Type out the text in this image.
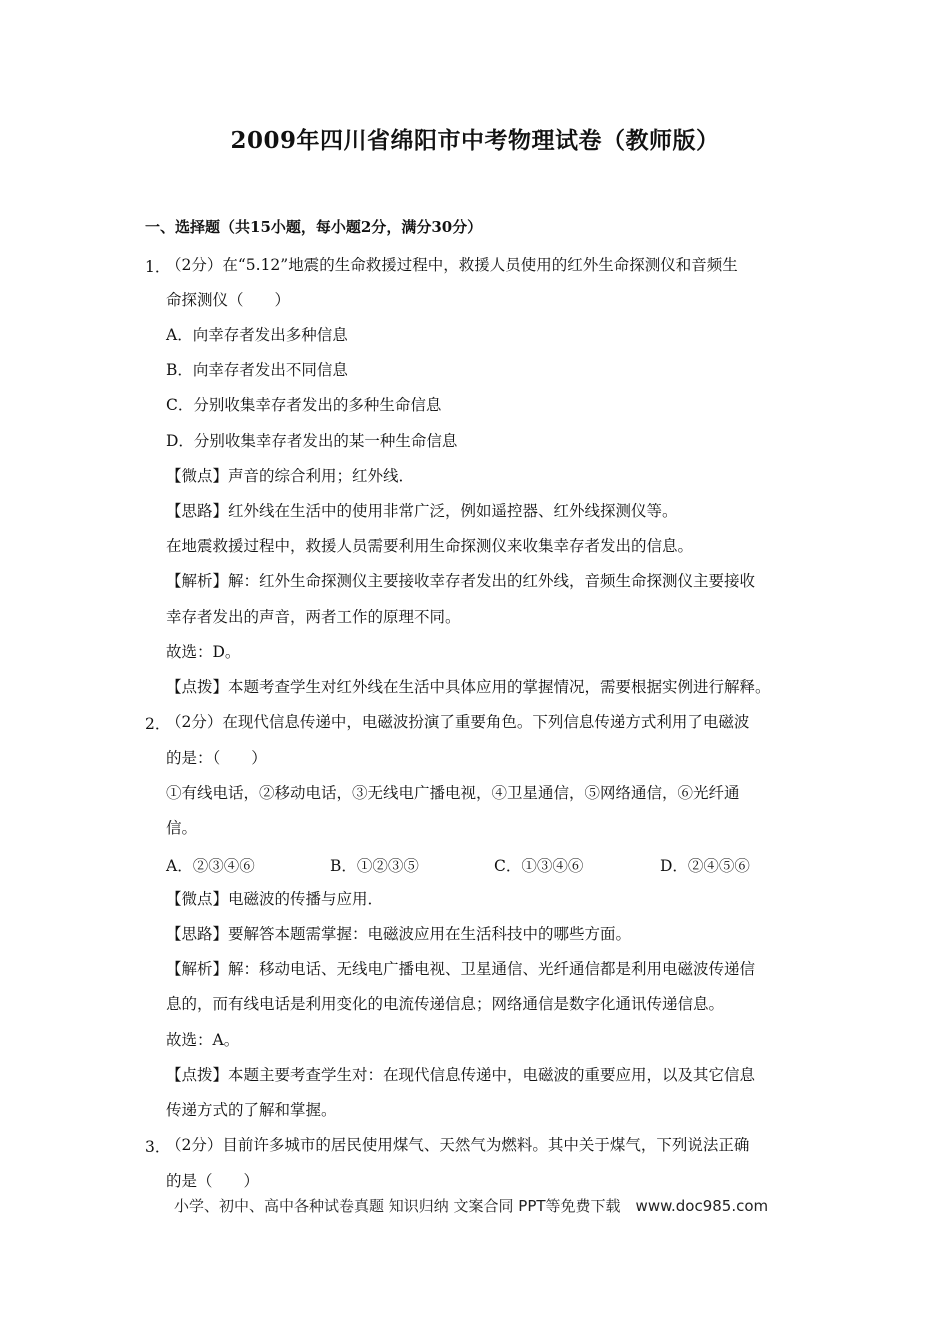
2009年四川省绵阳市中考物理试卷（教师版）
一、选择题（共15小题，每小题2分，满分30分）
1．
（2分）在“5.12”地震的生命救援过程中，救援人员使用的红外生命探测仪和音频生
命探测仪（　　）
A．向幸存者发出多种信息
B．向幸存者发出不同信息
C．分别收集幸存者发出的多种生命信息
D．分别收集幸存者发出的某一种生命信息
【微点】声音的综合利用；红外线．
【思路】红外线在生活中的使用非常广泛，例如遥控器、红外线探测仪等。
在地震救援过程中，救援人员需要利用生命探测仪来收集幸存者发出的信息。
【解析】解：红外生命探测仪主要接收幸存者发出的红外线，音频生命探测仪主要接收
幸存者发出的声音，两者工作的原理不同。
故选：D。
【点拨】本题考查学生对红外线在生活中具体应用的掌握情况，需要根据实例进行解释。
2．
（2分）在现代信息传递中，电磁波扮演了重要角色。下列信息传递方式利用了电磁波
的是：（　　）
①有线电话，②移动电话，③无线电广播电视，④卫星通信，⑤网络通信，⑥光纤通
信。
A．②③④⑥	B．①②③⑤	C．①③④⑥	D．②④⑤⑥
【微点】电磁波的传播与应用．
【思路】要解答本题需掌握：电磁波应用在生活科技中的哪些方面。
【解析】解：移动电话、无线电广播电视、卫星通信、光纤通信都是利用电磁波传递信
息的，而有线电话是利用变化的电流传递信息；网络通信是数字化通讯传递信息。
故选：A。
【点拨】本题主要考查学生对：在现代信息传递中，电磁波的重要应用，以及其它信息
传递方式的了解和掌握。
3．
（2分）目前许多城市的居民使用煤气、天然气为燃料。其中关于煤气，下列说法正确
的是（　　）
小学、初中、高中各种试卷真题 知识归纳 文案合同 PPT等免费下载　www.doc985.com
